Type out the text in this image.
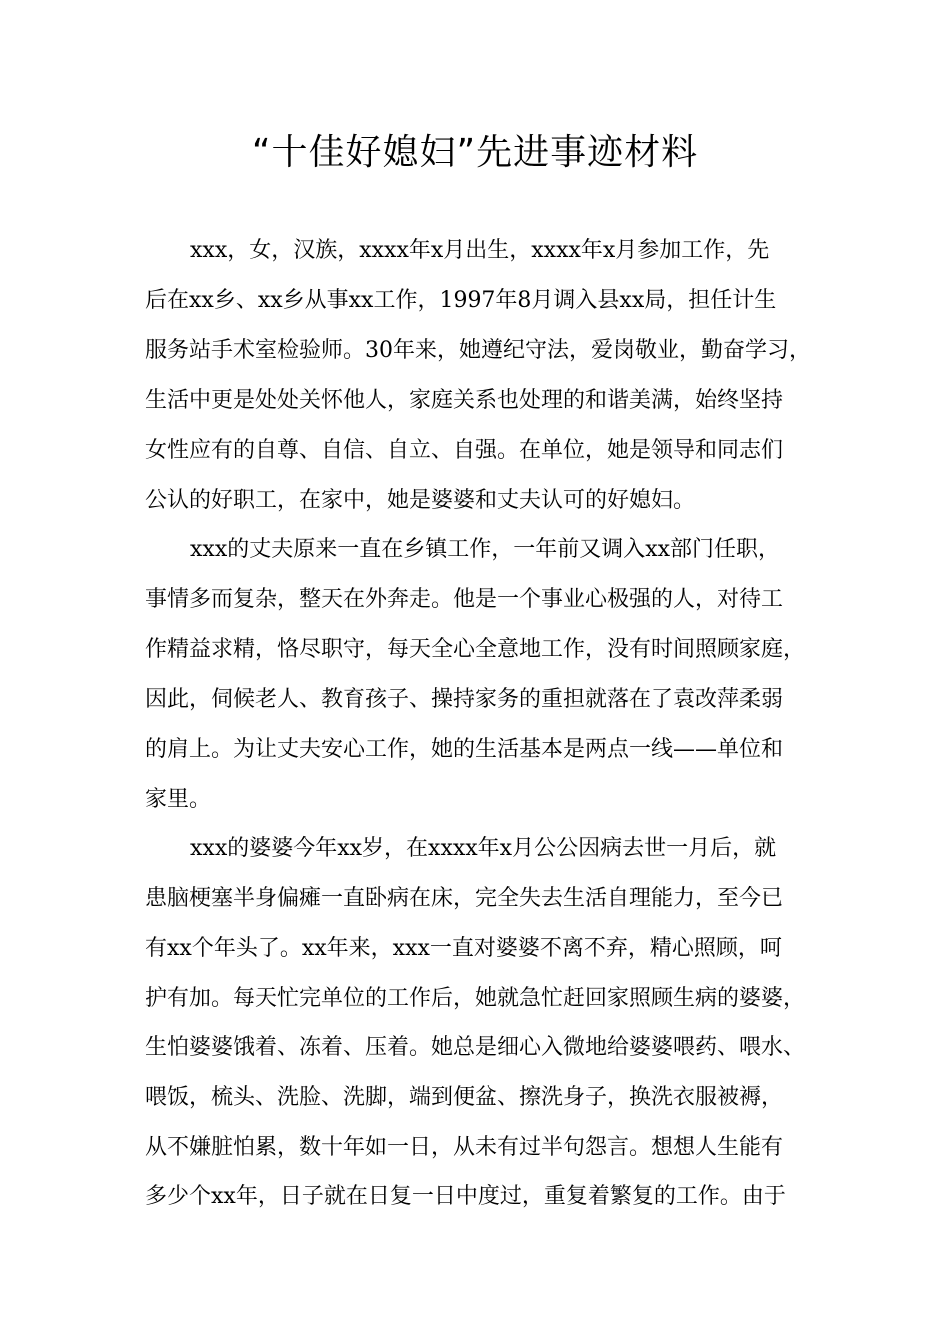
“十佳好媳妇”先进事迹材料
xxx，女，汉族，xxxx年x月出生，xxxx年x月参加工作，先
后在xx乡、xx乡从事xx工作，1997年8月调入县xx局，担任计生
服务站手术室检验师。30年来，她遵纪守法，爱岗敬业，勤奋学习，
生活中更是处处关怀他人，家庭关系也处理的和谐美满，始终坚持
女性应有的自尊、自信、自立、自强。在单位，她是领导和同志们
公认的好职工，在家中，她是婆婆和丈夫认可的好媳妇。
xxx的丈夫原来一直在乡镇工作，一年前又调入xx部门任职，
事情多而复杂，整天在外奔走。他是一个事业心极强的人，对待工
作精益求精，恪尽职守，每天全心全意地工作，没有时间照顾家庭，
因此，伺候老人、教育孩子、操持家务的重担就落在了袁改萍柔弱
的肩上。为让丈夫安心工作，她的生活基本是两点一线——单位和
家里。
xxx的婆婆今年xx岁，在xxxx年x月公公因病去世一月后，就
患脑梗塞半身偏瘫一直卧病在床，完全失去生活自理能力，至今已
有xx个年头了。xx年来，xxx一直对婆婆不离不弃，精心照顾，呵
护有加。每天忙完单位的工作后，她就急忙赶回家照顾生病的婆婆，
生怕婆婆饿着、冻着、压着。她总是细心入微地给婆婆喂药、喂水、
喂饭，梳头、洗脸、洗脚，端到便盆、擦洗身子，换洗衣服被褥，
从不嫌脏怕累，数十年如一日，从未有过半句怨言。想想人生能有
多少个xx年，日子就在日复一日中度过，重复着繁复的工作。由于
